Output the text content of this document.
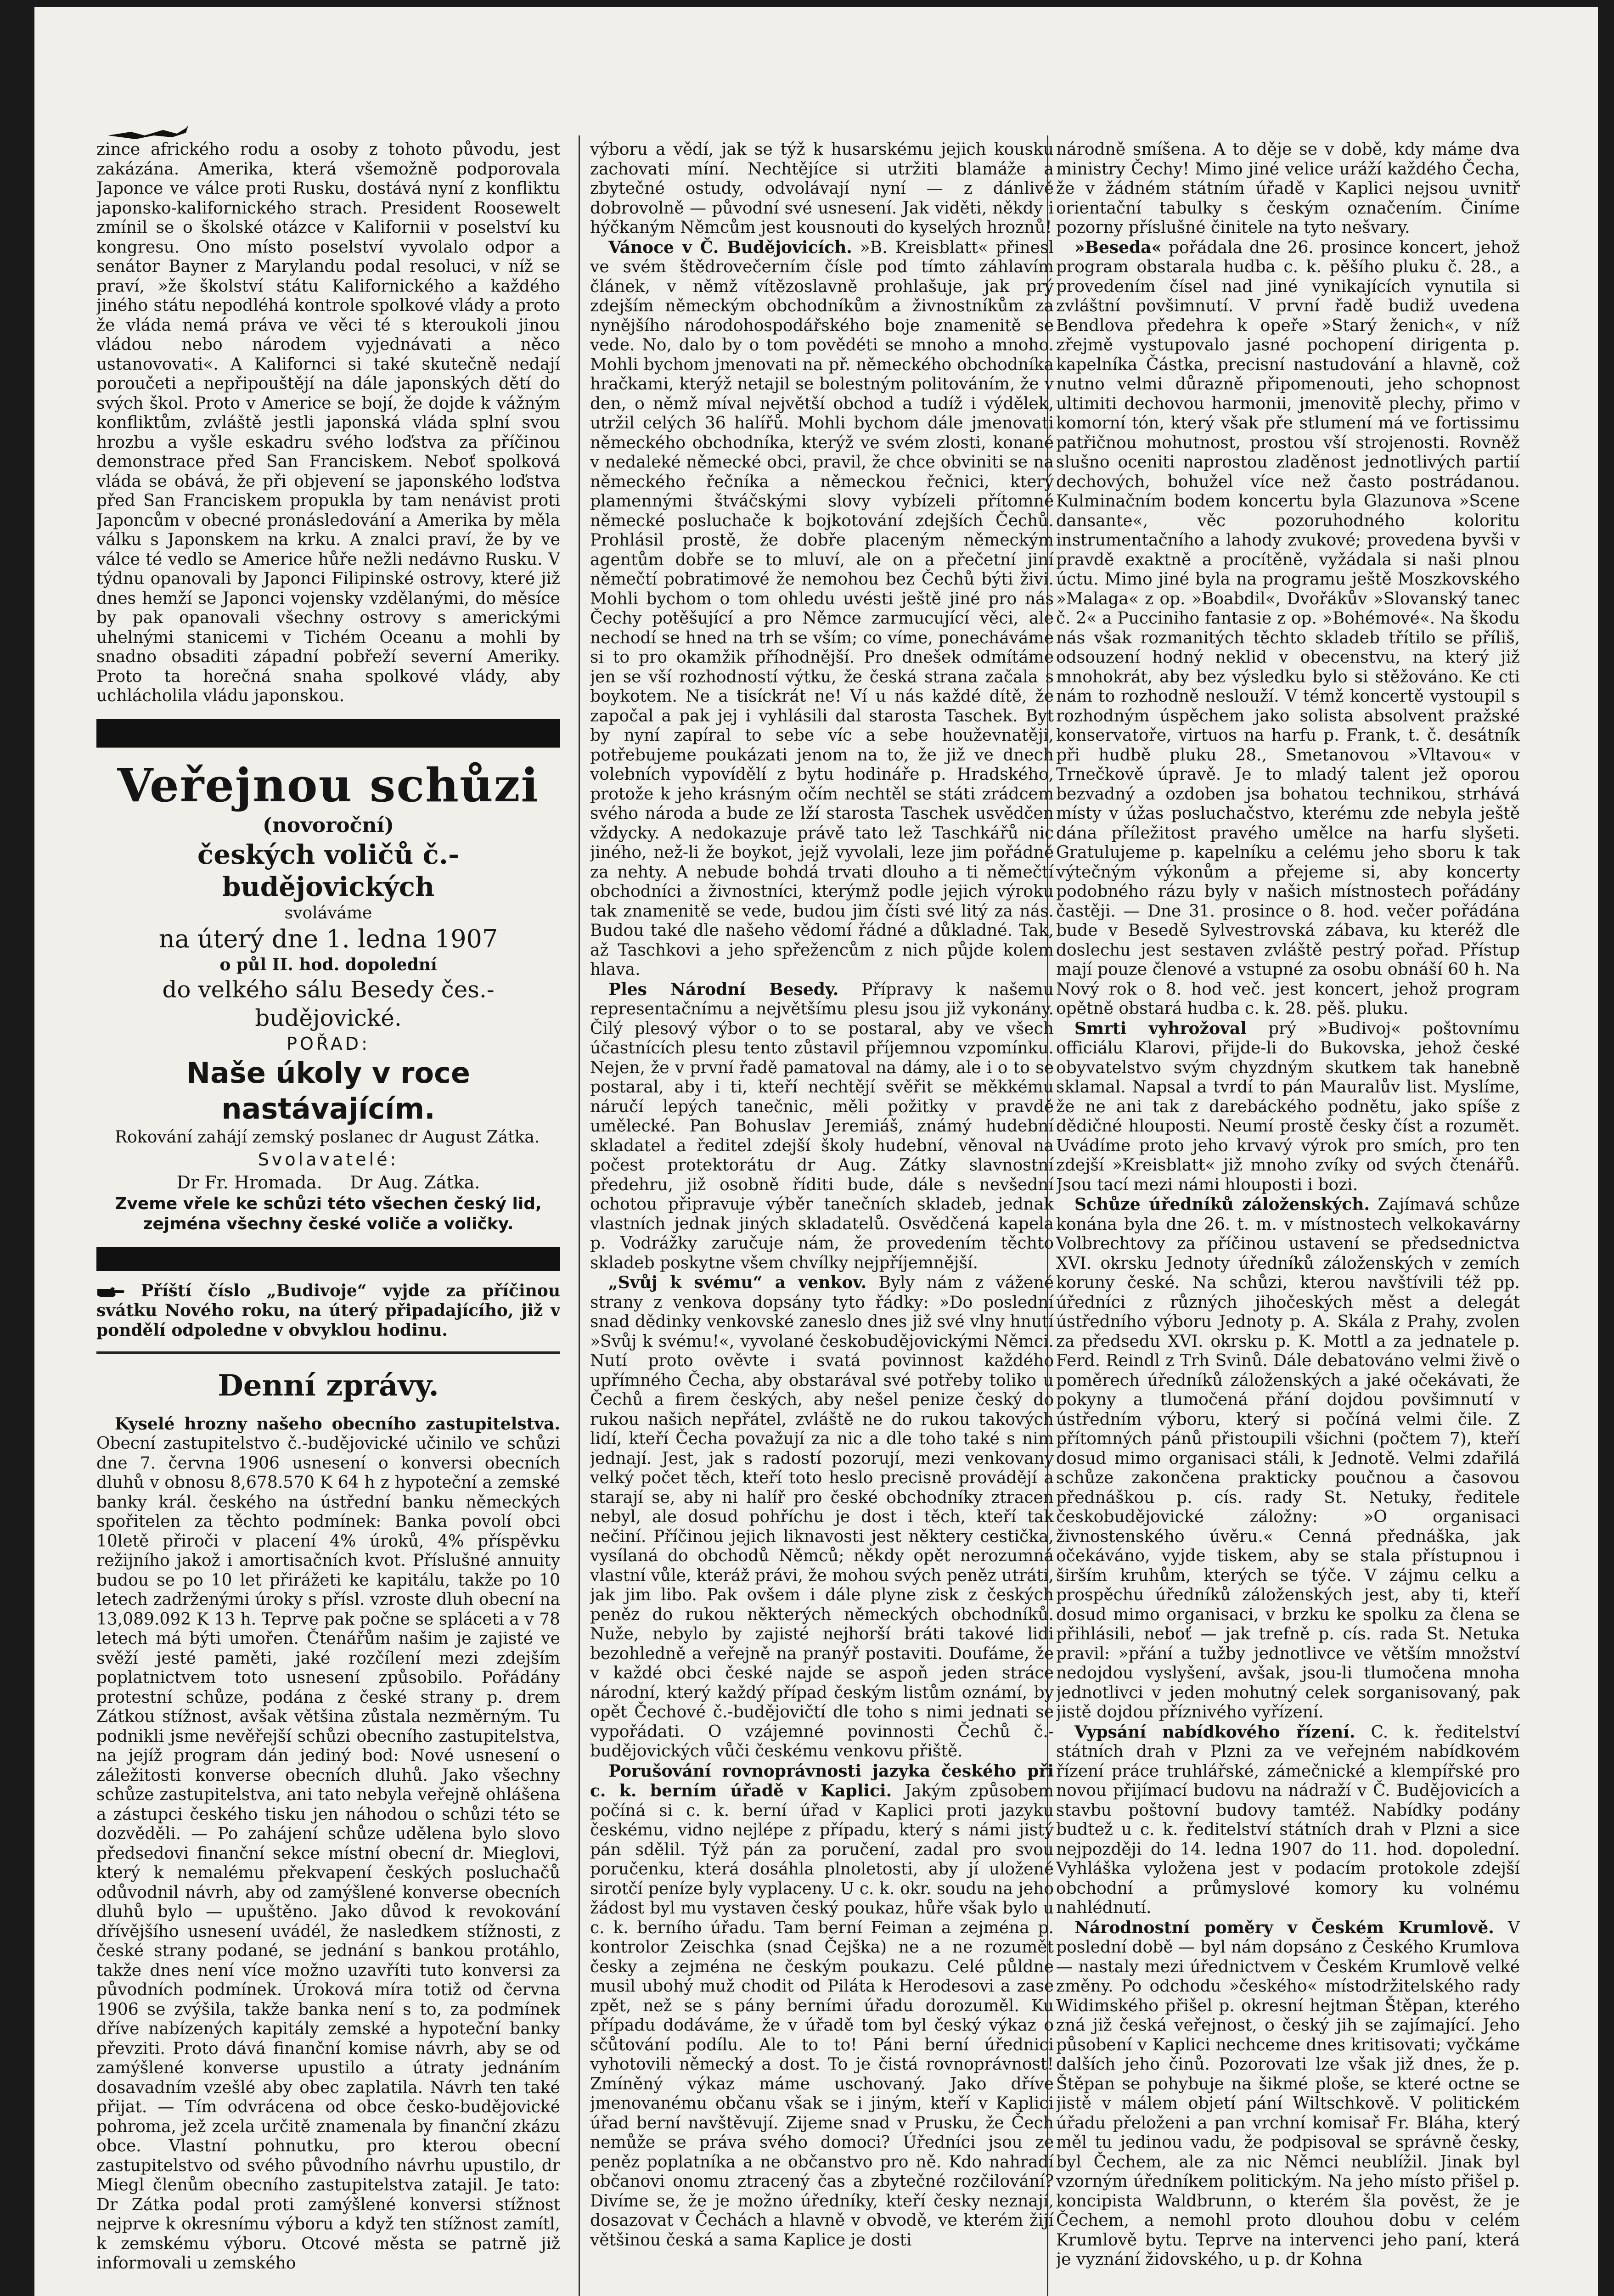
zince afrického rodu a osoby z tohoto původu, jest zakázána. Amerika, která všemožně podporovala Japonce ve válce proti Rusku, dostává nyní z konfliktu japonsko-kalifornického strach. President Roosewelt zmínil se o školské otázce v Kalifornii v poselství ku kongresu. Ono místo poselství vyvolalo odpor a senátor Bayner z Marylandu podal resoluci, v níž se praví, »že školství státu Kalifornického a každého jiného státu nepodléhá kontrole spolkové vlády a proto že vláda nemá práva ve věci té s kteroukoli jinou vládou nebo národem vyjednávati a něco ustanovovati«. A Kalifornci si také skutečně nedají poroučeti a nepřipouštějí na dále japonských dětí do svých škol. Proto v Americe se bojí, že dojde k vážným konfliktům, zvláště jestli japonská vláda splní svou hrozbu a vyšle eskadru svého loďstva za příčinou demonstrace před San Franciskem. Neboť spolková vláda se obává, že při objevení se japonského loďstva před San Franciskem propukla by tam nenávist proti Japoncům v obecné pronásledování a Amerika by měla válku s Japonskem na krku. A znalci praví, že by ve válce té vedlo se Americe hůře nežli nedávno Rusku. V týdnu opanovali by Japonci Filipinské ostrovy, které již dnes hemží se Japonci vojensky vzdělanými, do měsíce by pak opanovali všechny ostrovy s americkými uhelnými stanicemi v Tichém Oceanu a mohli by snadno obsaditi západní pobřeží severní Ameriky. Proto ta horečná snaha spolkové vlády, aby uchlácholila vládu japonskou.

Veřejnou schůzi
(novoroční)
českých voličů č.-budějovických
svoláváme
na úterý dne 1. ledna 1907
o půl II. hod. dopolední
do velkého sálu Besedy čes.-budějovické.
POŘAD:
Naše úkoly v roce nastávajícím.
Rokování zahájí zemský poslanec dr August Zátka.
Svolavatelé:
Dr Fr. Hromada.     Dr Aug. Zátka.
Zveme vřele ke schůzi této všechen český lid, zejména všechny české voliče a voličky.
Příští číslo „Budivoje“ vyjde za příčinou svátku Nového roku, na úterý připadajícího, již v pondělí odpoledne v obvyklou hodinu.
Denní zprávy.

Kyselé hrozny našeho obecního zastupitelstva. Obecní zastupitelstvo č.-budějovické učinilo ve schůzi dne 7. června 1906 usnesení o konversi obecních dluhů v obnosu 8,678.570 K 64 h z hypoteční a zemské banky král. českého na ústřední banku německých spořitelen za těchto podmínek: Banka povolí obci 10letě přiroči v placení 4% úroků, 4% příspěvku režijního jakož i amortisačních kvot. Příslušné annuity budou se po 10 let přirážeti ke kapitálu, takže po 10 letech zadrženými úroky s přísl. vzroste dluh obecní na 13,089.092 K 13 h. Teprve pak počne se spláceti a v 78 letech má býti umořen. Čtenářům našim je zajisté ve svěží jesté paměti, jaké rozčílení mezi zdejším poplatnictvem toto usnesení způsobilo. Pořádány protestní schůze, podána z české strany p. drem Zátkou stížnost, avšak většina zůstala nezměrným. Tu podnikli jsme nevěřejší schůzi obecního zastupitelstva, na jejíž program dán jediný bod: Nové usnesení o záležitosti konverse obecních dluhů. Jako všechny schůze zastupitelstva, ani tato nebyla veřejně ohlášena a zástupci českého tisku jen náhodou o schůzi této se dozvěděli. — Po zahájení schůze udělena bylo slovo předsedovi finanční sekce místní obecní dr. Mieglovi, který k nemalému překvapení českých posluchačů odůvodnil návrh, aby od zamýšlené konverse obecních dluhů bylo — upuštěno. Jako důvod k revokování dřívějšího usnesení uvádél, že nasledkem stížnosti, z české strany podané, se jednání s bankou protáhlo, takže dnes není více možno uzavříti tuto konversi za původních podmínek. Úroková míra totiž od června 1906 se zvýšila, takže banka není s to, za podmínek dříve nabízených kapitály zemské a hypoteční banky převziti. Proto dává finanční komise návrh, aby se od zamýšlené konverse upustilo a útraty jednáním dosavadním vzešlé aby obec zaplatila. Návrh ten také přijat. — Tím odvrácena od obce česko-budějovické pohroma, jež zcela určitě znamenala by finanční zkázu obce. Vlastní pohnutku, pro kterou obecní zastupitelstvo od svého původního návrhu upustilo, dr Miegl členům obecního zastupitelstva zatajil. Je tato: Dr Zátka podal proti zamýšlené konversi stížnost nejprve k okresnímu výboru a když ten stížnost zamítl, k zemskému výboru. Otcové města se patrně již informovali u zemského

výboru a vědí, jak se týž k husarskému jejich kousku zachovati míní. Nechtějíce si utržiti blamáže a zbytečné ostudy, odvolávají nyní — z dánlivě dobrovolně — původní své usnesení. Jak viděti, někdy i hýčkaným Němcům jest kousnouti do kyselých hroznů!

Vánoce v Č. Budějovicích. »B. Kreisblatt« přinesl ve svém štědrovečerním čísle pod tímto záhlavím článek, v němž vítězoslavně prohlašuje, jak prý zdejším německým obchodníkům a živnostníkům za nynějšího národohospodářského boje znamenitě se vede. No, dalo by o tom povědéti se mnoho a mnoho. Mohli bychom jmenovati na př. německého obchodníka hračkami, kterýž netajil se bolestným politováním, že v den, o němž míval největší obchod a tudíž i výdělek, utržil celých 36 halířů. Mohli bychom dále jmenovati německého obchodníka, kterýž ve svém zlosti, konané v nedaleké německé obci, pravil, že chce obviniti se na německého řečníka a německou řečnici, který plamennými štváčskými slovy vybízeli přítomné německé posluchače k bojkotování zdejších Čechů. Prohlásil prostě, že dobře placeným německým agentům dobře se to mluví, ale on a přečetní jiní němečtí pobratimové že nemohou bez Čechů býti živi. Mohli bychom o tom ohledu uvésti ještě jiné pro nás Čechy potěšující a pro Němce zarmucující věci, ale nechodí se hned na trh se vším; co víme, ponecháváme si to pro okamžik příhodnější. Pro dnešek odmítáme jen se vší rozhodností výtku, že česká strana začala s boykotem. Ne a tisíckrát ne! Ví u nás každé dítě, že započal a pak jej i vyhlásili dal starosta Taschek. Byt by nyní zapíral to sebe víc a sebe houževnatěji, potřebujeme poukázati jenom na to, že již ve dnech volebních vypovídělí z bytu hodináře p. Hradského, protože k jeho krásným očím nechtěl se státi zrádcem svého národa a bude ze lží starosta Taschek usvědčen vždycky. A nedokazuje právě tato lež Taschkářů nic jiného, než-li že boykot, jejž vyvolali, leze jim pořádně za nehty. A nebude bohdá trvati dlouho a ti němečtí obchodníci a živnostníci, kterýmž podle jejich výroku tak znamenitě se vede, budou jim čísti své litý za nás. Budou také dle našeho vědomí řádné a důkladné. Tak, až Taschkovi a jeho spřežencům z nich půjde kolem hlava.

Ples Národní Besedy. Přípravy k našemu representačnímu a největšímu plesu jsou již vykonány. Čilý plesový výbor o to se postaral, aby ve všech účastnících plesu tento zůstavil příjemnou vzpomínku. Nejen, že v první řadě pamatoval na dámy, ale i o to se postaral, aby i ti, kteří nechtějí svěřit se měkkému náručí lepých tanečnic, měli požitky v pravdě umělecké. Pan Bohuslav Jeremiáš, známý hudební skladatel a ředitel zdejší školy hudební, věnoval na počest protektorátu dr Aug. Zátky slavnostní předehru, již osobně říditi bude, dále s nevšední ochotou připravuje výběr tanečních skladeb, jednak vlastních jednak jiných skladatelů. Osvědčená kapela p. Vodrážky zaručuje nám, že provedením těchto skladeb poskytne všem chvílky nejpříjemnější.

„Svůj k svému“ a venkov. Byly nám z vážené strany z venkova dopsány tyto řádky: »Do poslední snad dědinky venkovské zaneslo dnes již své vlny hnutí »Svůj k svému!«, vyvolané českobudějovickými Němci. Nutí proto ověvte i svatá povinnost každého upřímného Čecha, aby obstarával své potřeby toliko u Čechů a firem českých, aby nešel penize český do rukou našich nepřátel, zvláště ne do rukou takových lidí, kteří Čecha považují za nic a dle toho také s nim jednají. Jest, jak s radostí pozorují, mezi venkovany velký počet těch, kteří toto heslo precisně provádějí a starají se, aby ni halíř pro české obchodníky ztracen nebyl, ale dosud pohříchu je dost i těch, kteří tak nečiní. Příčinou jejich liknavosti jest některy cestička, vysílaná do obchodů Němců; někdy opět nerozumná vlastní vůle, kteráž právi, že mohou svých peněz utráti, jak jim libo. Pak ovšem i dále plyne zisk z českých peněz do rukou některých německých obchodníků. Nuže, nebylo by zajisté nejhorší bráti takové lidi bezohledně a veřejně na pranýř postaviti. Doufáme, že v každé obci české najde se aspoň jeden stráce národní, který každý případ českým listům oznámí, by opět Čechové č.-budějovičtí dle toho s nimi jednati se vypořádati. O vzájemné povinnosti Čechů č.-budějovických vůči českému venkovu přiště.

Porušování rovnoprávnosti jazyka českého při c. k. berním úřadě v Kaplici. Jakým způsobem počíná si c. k. berní úřad v Kaplici proti jazyku českému, vidno nejlépe z případu, který s námi jistý pán sdělil. Týž pán za poručení, zadal pro svou poručenku, která dosáhla plnoletosti, aby jí uložené sirotčí peníze byly vyplaceny. U c. k. okr. soudu na jeho žádost byl mu vystaven český poukaz, hůře však bylo u c. k. berního úřadu. Tam berní Feiman a zejména p. kontrolor Zeischka (snad Čejška) ne a ne rozumět česky a zejména ne českým poukazu. Celé půldne musil ubohý muž chodit od Piláta k Herodesovi a zase zpět, než se s pány berními úřadu dorozuměl. Ku případu dodáváme, že v úřadě tom byl český výkaz o sčůtování podílu. Ale to to! Páni berní úřednici vyhotovili německý a dost. To je čistá rovnoprávnost! Zmíněný výkaz máme uschovaný. Jako dříve jmenovanému občanu však se i jiným, kteří v Kaplici úřad berní navštěvují. Zijeme snad v Prusku, že Čech nemůže se práva svého domoci? Úředníci jsou ze peněz poplatníka a ne občanstvo pro ně. Kdo nahradí občanovi onomu ztracený čas a zbytečné rozčilování? Divíme se, že je možno úředníky, kteří česky neznají, dosazovat v Čechách a hlavně v obvodě, ve kterém žijí většinou česká a sama Kaplice je dosti

národně smíšena. A to děje se v době, kdy máme dva ministry Čechy! Mimo jiné velice uráží každého Čecha, že v žádném státním úřadě v Kaplici nejsou uvnitř orientační tabulky s českým označením. Činíme pozorny příslušné činitele na tyto nešvary.

»Beseda« pořádala dne 26. prosince koncert, jehož program obstarala hudba c. k. pěšího pluku č. 28., a provedením čísel nad jiné vynikajících vynutila si zvláštní povšimnutí. V první řadě budiž uvedena Bendlova předehra k opeře »Starý ženich«, v níž zřejmě vystupovalo jasné pochopení dirigenta p. kapelníka Částka, precisní nastudování a hlavně, což nutno velmi důrazně připomenouti, jeho schopnost ultimiti dechovou harmonii, jmenovitě plechy, přimo v komorní tón, který však pře stlumení má ve fortissimu patřičnou mohutnost, prostou vší strojenosti. Rovněž slušno oceniti naprostou zladěnost jednotlivých partií dechových, bohužel více než často postrádanou. Kulminačním bodem koncertu byla Glazunova »Scene dansante«, věc pozoruhodného koloritu instrumentačního a lahody zvukové; provedena byvši v pravdě exaktně a procítěně, vyžádala si naši plnou úctu. Mimo jiné byla na programu ještě Moszkovského »Malaga« z op. »Boabdil«, Dvořákův »Slovanský tanec č. 2« a Pucciniho fantasie z op. »Bohémové«. Na škodu nás však rozmanitých těchto skladeb třítilo se příliš, odsouzení hodný neklid v obecenstvu, na který již mnohokrát, aby bez výsledku bylo si stěžováno. Ke cti nám to rozhodně neslouží. V témž koncertě vystoupil s rozhodným úspěchem jako solista absolvent pražské konservatoře, virtuos na harfu p. Frank, t. č. desátník při hudbě pluku 28., Smetanovou »Vltavou« v Trnečkově úpravě. Je to mladý talent jež oporou bezvadný a ozdoben jsa bohatou technikou, strhává místy v úžas posluchačstvo, kterému zde nebyla ještě dána příležitost pravého umělce na harfu slyšeti. Gratulujeme p. kapelníku a celému jeho sboru k tak výtečným výkonům a přejeme si, aby koncerty podobného rázu byly v našich místnostech pořádány častěji. — Dne 31. prosince o 8. hod. večer pořádána bude v Besedě Sylvestrovská zábava, ku kteréž dle doslechu jest sestaven zvláště pestrý pořad. Přístup mají pouze členové a vstupné za osobu obnáší 60 h. Na Nový rok o 8. hod več. jest koncert, jehož program opětně obstará hudba c. k. 28. pěš. pluku.

Smrti vyhrožoval prý »Budivoj« poštovnímu officiálu Klarovi, přijde-li do Bukovska, jehož české obyvatelstvo svým chyzdným skutkem tak hanebně sklamal. Napsal a tvrdí to pán Mauralův list. Myslíme, že ne ani tak z darebáckého podnětu, jako spíše z dědičné hlouposti. Neumí prostě česky číst a rozumět. Uvádíme proto jeho krvavý výrok pro smích, pro ten zdejší »Kreisblatt« již mnoho zvíky od svých čtenářů. Jsou tací mezi námi hlouposti i bozi.

Schůze úředníků záloženských. Zajímavá schůze konána byla dne 26. t. m. v místnostech velkokavárny Volbrechtovy za příčinou ustavení se předsednictva XVI. okrsku Jednoty úředníků záloženských v zemích koruny české. Na schůzi, kterou navštívili též pp. úředníci z různých jihočeských měst a delegát ústředního výboru Jednoty p. A. Skála z Prahy, zvolen za předsedu XVI. okrsku p. K. Mottl a za jednatele p. Ferd. Reindl z Trh Svinů. Dále debatováno velmi živě o poměrech úředníků záloženských a jaké očekávati, že pokyny a tlumočená přání dojdou povšimnutí v ústředním výboru, který si počíná velmi čile. Z přítomných pánů přistoupili všichni (počtem 7), kteří dosud mimo organisaci stáli, k Jednotě. Velmi zdařilá schůze zakončena prakticky poučnou a časovou přednáškou p. cís. rady St. Netuky, ředitele českobudějovické záložny: »O organisaci živnostenského úvěru.« Cenná přednáška, jak očekáváno, vyjde tiskem, aby se stala přístupnou i širším kruhům, kterých se týče. V zájmu celku a prospěchu úředníků záloženských jest, aby ti, kteří dosud mimo organisaci, v brzku ke spolku za člena se přihlásili, neboť — jak trefně p. cís. rada St. Netuka pravil: »přání a tužby jednotlivce ve větším množství nedojdou vyslyšení, avšak, jsou-li tlumočena mnoha jednotlivci v jeden mohutný celek sorganisovaný, pak jistě dojdou příznivého vyřízení.

Vypsání nabídkového řízení. C. k. ředitelství státních drah v Plzni za ve veřejném nabídkovém řízení práce truhlářské, zámečnické a klempířské pro novou přijímací budovu na nádraží v Č. Budějovicích a stavbu poštovní budovy tamtéž. Nabídky podány budtež u c. k. ředitelství státních drah v Plzni a sice nejpozději do 14. ledna 1907 do 11. hod. dopolední. Vyhláška vyložena jest v podacím protokole zdejší obchodní a průmyslové komory ku volnému nahlédnutí.

Národnostní poměry v Českém Krumlově. V poslední době — byl nám dopsáno z Českého Krumlova — nastaly mezi úřednictvem v Českém Krumlově velké změny. Po odchodu »českého« místodržitelského rady Widimského přišel p. okresní hejtman Štěpan, kterého zná již česká veřejnost, o český jih se zajímající. Jeho působení v Kaplici nechceme dnes kritisovati; vyčkáme dalších jeho činů. Pozorovati lze však již dnes, že p. Štěpan se pohybuje na šikmé ploše, se které octne se jistě v málem objetí pání Wiltschkově. V politickém úřadu přeloženi a pan vrchní komisař Fr. Bláha, který měl tu jedinou vadu, že podpisoval se správně česky, byl Čechem, ale za nic Němci neublížil. Jinak byl vzorným úředníkem politickým. Na jeho místo přišel p. koncipista Waldbrunn, o kterém šla pověst, že je Čechem, a nemohl proto dlouhou dobu v celém Krumlově bytu. Teprve na intervenci jeho paní, která je vyznání židovského, u p. dr Kohna
